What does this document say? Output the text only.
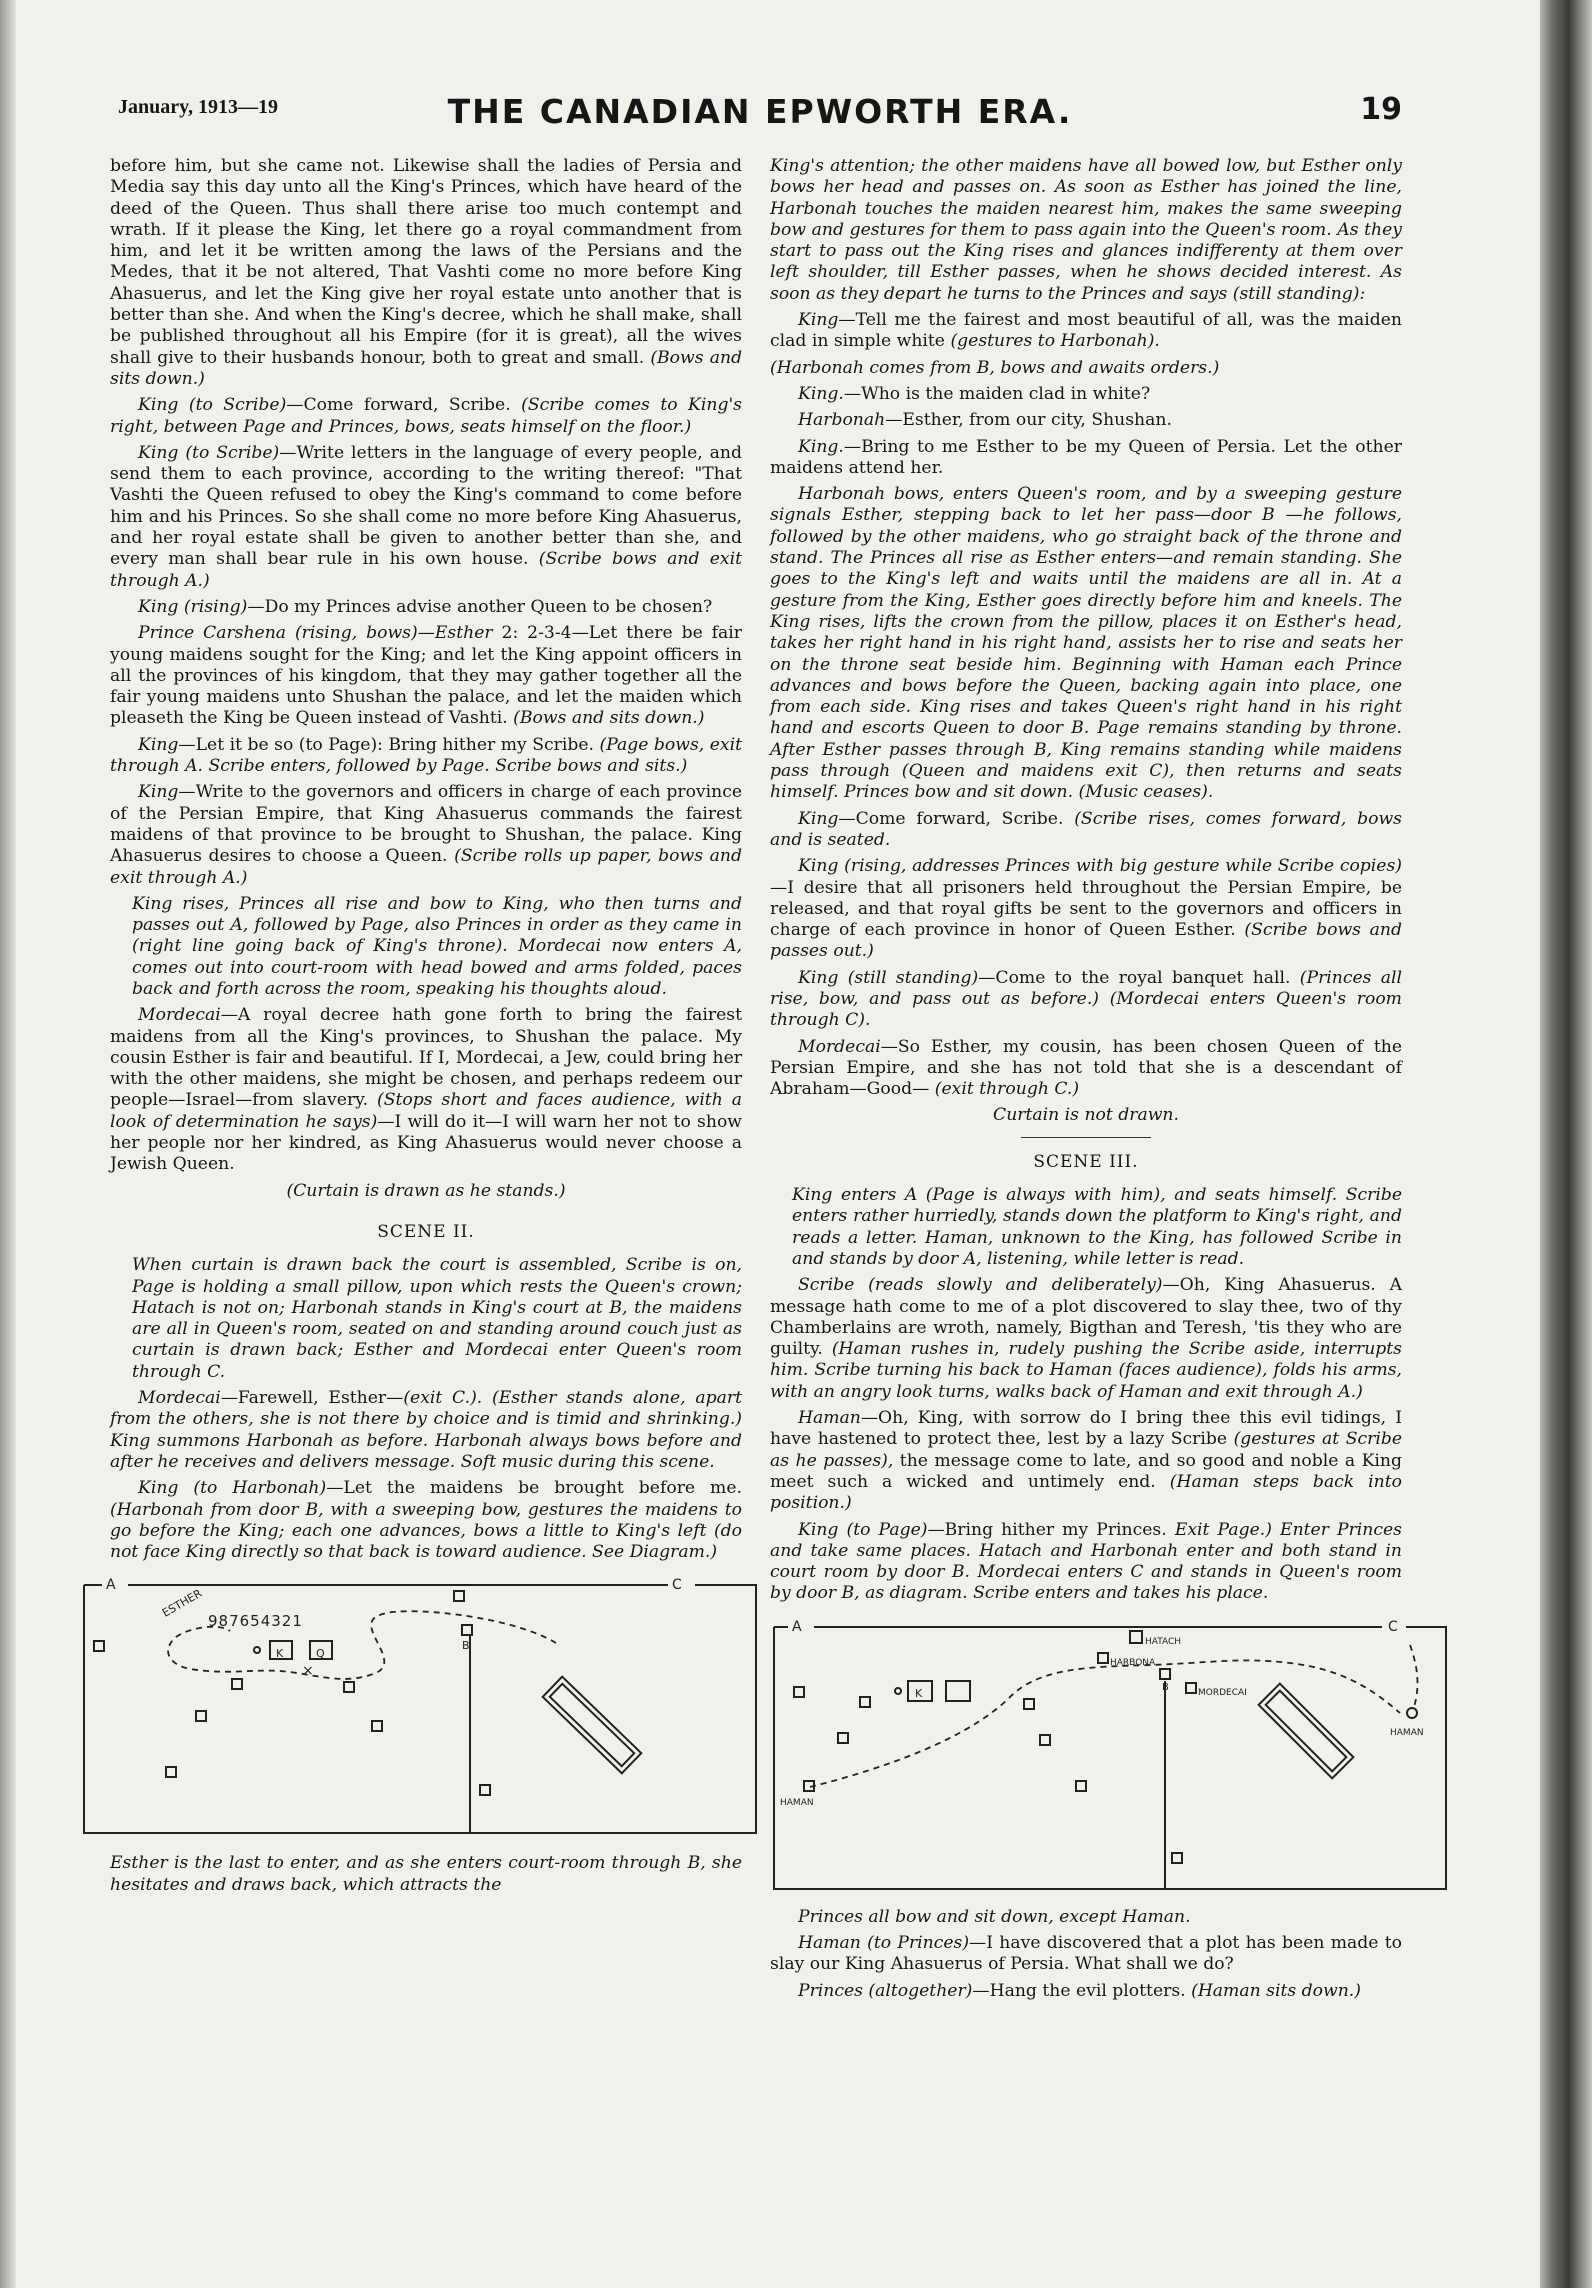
January, 1913—19	THE CANADIAN EPWORTH ERA.	19

before him, but she came not. Likewise shall the ladies of Persia and Media say this day unto all the King's Princes, which have heard of the deed of the Queen. Thus shall there arise too much contempt and wrath. If it please the King, let there go a royal commandment from him, and let it be written among the laws of the Persians and the Medes, that it be not altered, That Vashti come no more before King Ahasuerus, and let the King give her royal estate unto another that is better than she. And when the King's decree, which he shall make, shall be published throughout all his Empire (for it is great), all the wives shall give to their husbands honour, both to great and small. (Bows and sits down.)

King (to Scribe)—Come forward, Scribe. (Scribe comes to King's right, between Page and Princes, bows, seats himself on the floor.)

King (to Scribe)—Write letters in the language of every people, and send them to each province, according to the writing thereof: "That Vashti the Queen refused to obey the King's command to come before him and his Princes. So she shall come no more before King Ahasuerus, and her royal estate shall be given to another better than she, and every man shall bear rule in his own house. (Scribe bows and exit through A.)

King (rising)—Do my Princes advise another Queen to be chosen?

Prince Carshena (rising, bows)—Esther 2: 2-3-4—Let there be fair young maidens sought for the King; and let the King appoint officers in all the provinces of his kingdom, that they may gather together all the fair young maidens unto Shushan the palace, and let the maiden which pleaseth the King be Queen instead of Vashti. (Bows and sits down.)

King—Let it be so (to Page): Bring hither my Scribe. (Page bows, exit through A. Scribe enters, followed by Page. Scribe bows and sits.)

King—Write to the governors and officers in charge of each province of the Persian Empire, that King Ahasuerus commands the fairest maidens of that province to be brought to Shushan, the palace. King Ahasuerus desires to choose a Queen. (Scribe rolls up paper, bows and exit through A.)

King rises, Princes all rise and bow to King, who then turns and passes out A, followed by Page, also Princes in order as they came in (right line going back of King's throne). Mordecai now enters A, comes out into court-room with head bowed and arms folded, paces back and forth across the room, speaking his thoughts aloud.

Mordecai—A royal decree hath gone forth to bring the fairest maidens from all the King's provinces, to Shushan the palace. My cousin Esther is fair and beautiful. If I, Mordecai, a Jew, could bring her with the other maidens, she might be chosen, and perhaps redeem our people—Israel—from slavery. (Stops short and faces audience, with a look of determination he says)—I will do it—I will warn her not to show her people nor her kindred, as King Ahasuerus would never choose a Jewish Queen.

(Curtain is drawn as he stands.)

SCENE II.

When curtain is drawn back the court is assembled, Scribe is on, Page is holding a small pillow, upon which rests the Queen's crown; Hatach is not on; Harbonah stands in King's court at B, the maidens are all in Queen's room, seated on and standing around couch just as curtain is drawn back; Esther and Mordecai enter Queen's room through C.

Mordecai—Farewell, Esther—(exit C.). (Esther stands alone, apart from the others, she is not there by choice and is timid and shrinking.) King summons Harbonah as before. Harbonah always bows before and after he receives and delivers message. Soft music during this scene.

King (to Harbonah)—Let the maidens be brought before me. (Harbonah from door B, with a sweeping bow, gestures the maidens to go before the King; each one advances, bows a little to King's left (do not face King directly so that back is toward audience. See Diagram.)

A	C
B
K	Q
ESTHER
987654321
×

Esther is the last to enter, and as she enters court-room through B, she hesitates and draws back, which attracts the

King's attention; the other maidens have all bowed low, but Esther only bows her head and passes on. As soon as Esther has joined the line, Harbonah touches the maiden nearest him, makes the same sweeping bow and gestures for them to pass again into the Queen's room. As they start to pass out the King rises and glances indifferenty at them over left shoulder, till Esther passes, when he shows decided interest. As soon as they depart he turns to the Princes and says (still standing):

King—Tell me the fairest and most beautiful of all, was the maiden clad in simple white (gestures to Harbonah).

(Harbonah comes from B, bows and awaits orders.)

King.—Who is the maiden clad in white?

Harbonah—Esther, from our city, Shushan.

King.—Bring to me Esther to be my Queen of Persia. Let the other maidens attend her.

Harbonah bows, enters Queen's room, and by a sweeping gesture signals Esther, stepping back to let her pass—door B —he follows, followed by the other maidens, who go straight back of the throne and stand. The Princes all rise as Esther enters—and remain standing. She goes to the King's left and waits until the maidens are all in. At a gesture from the King, Esther goes directly before him and kneels. The King rises, lifts the crown from the pillow, places it on Esther's head, takes her right hand in his right hand, assists her to rise and seats her on the throne seat beside him. Beginning with Haman each Prince advances and bows before the Queen, backing again into place, one from each side. King rises and takes Queen's right hand in his right hand and escorts Queen to door B. Page remains standing by throne. After Esther passes through B, King remains standing while maidens pass through (Queen and maidens exit C), then returns and seats himself. Princes bow and sit down. (Music ceases).

King—Come forward, Scribe. (Scribe rises, comes forward, bows and is seated.

King (rising, addresses Princes with big gesture while Scribe copies)—I desire that all prisoners held throughout the Persian Empire, be released, and that royal gifts be sent to the governors and officers in charge of each province in honor of Queen Esther. (Scribe bows and passes out.)

King (still standing)—Come to the royal banquet hall. (Princes all rise, bow, and pass out as before.) (Mordecai enters Queen's room through C).

Mordecai—So Esther, my cousin, has been chosen Queen of the Persian Empire, and she has not told that she is a descendant of Abraham—Good— (exit through C.)

Curtain is not drawn.

SCENE III.

King enters A (Page is always with him), and seats himself. Scribe enters rather hurriedly, stands down the platform to King's right, and reads a letter. Haman, unknown to the King, has followed Scribe in and stands by door A, listening, while letter is read.

Scribe (reads slowly and deliberately)—Oh, King Ahasuerus. A message hath come to me of a plot discovered to slay thee, two of thy Chamberlains are wroth, namely, Bigthan and Teresh, 'tis they who are guilty. (Haman rushes in, rudely pushing the Scribe aside, interrupts him. Scribe turning his back to Haman (faces audience), folds his arms, with an angry look turns, walks back of Haman and exit through A.)

Haman—Oh, King, with sorrow do I bring thee this evil tidings, I have hastened to protect thee, lest by a lazy Scribe (gestures at Scribe as he passes), the message come to late, and so good and noble a King meet such a wicked and untimely end. (Haman steps back into position.)

King (to Page)—Bring hither my Princes. Exit Page.) Enter Princes and take same places. Hatach and Harbonah enter and both stand in court room by door B. Mordecai enters C and stands in Queen's room by door B, as diagram. Scribe enters and takes his place.

A	C
B
K
HATACH
HARBONA
MORDECAI
HAMAN
HAMAN

Princes all bow and sit down, except Haman.

Haman (to Princes)—I have discovered that a plot has been made to slay our King Ahasuerus of Persia. What shall we do?

Princes (altogether)—Hang the evil plotters. (Haman sits down.)
